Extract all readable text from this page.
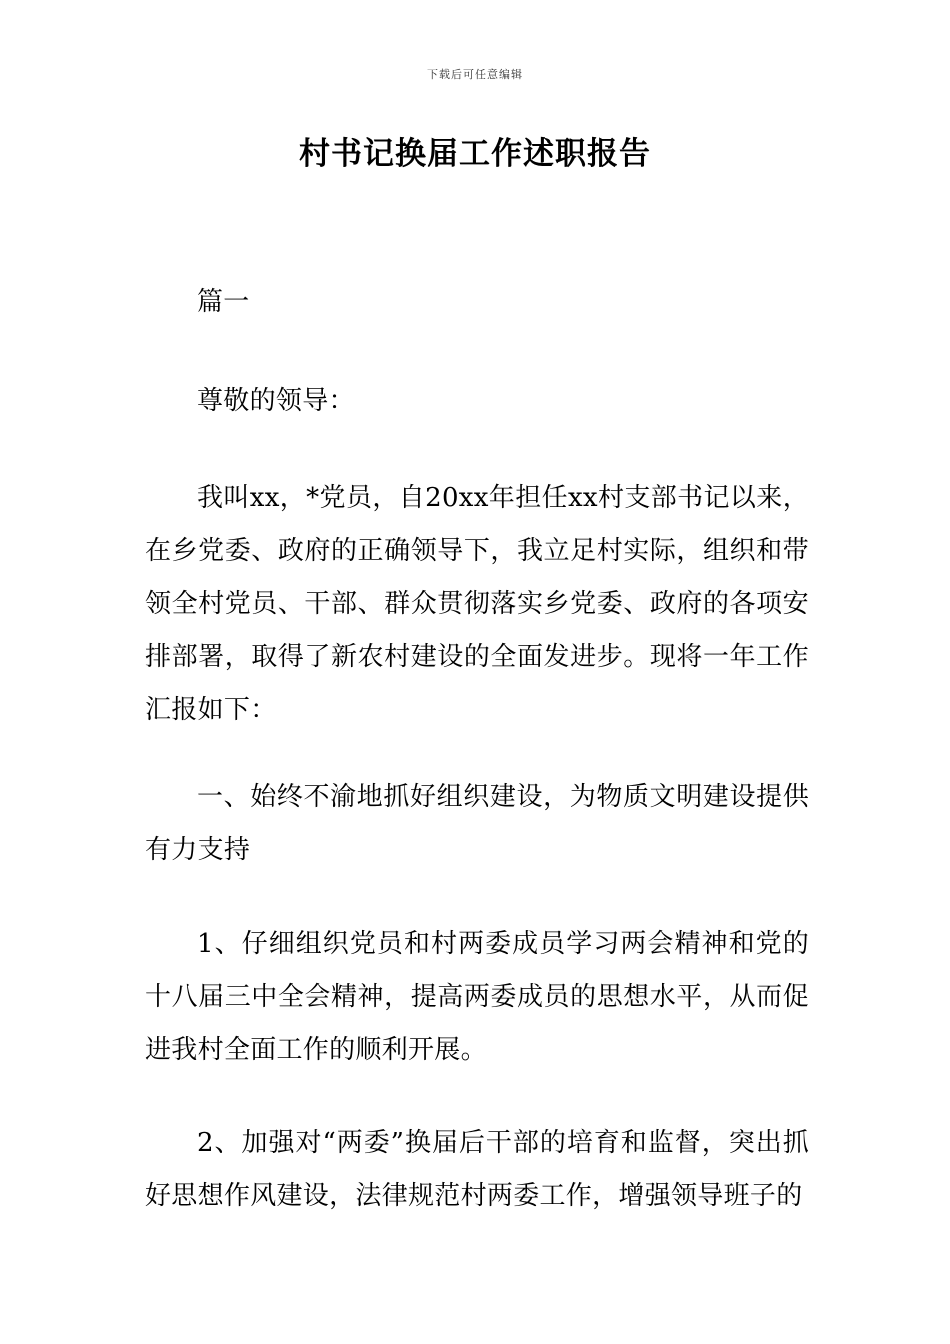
下载后可任意编辑
村书记换届工作述职报告

篇一

尊敬的领导：

我叫xx，*党员，自20xx年担任xx村支部书记以来，在乡党委、政府的正确领导下，我立足村实际，组织和带领全村党员、干部、群众贯彻落实乡党委、政府的各项安排部署，取得了新农村建设的全面发进步。现将一年工作汇报如下：

一、始终不渝地抓好组织建设，为物质文明建设提供有力支持

1、仔细组织党员和村两委成员学习两会精神和党的十八届三中全会精神，提高两委成员的思想水平，从而促进我村全面工作的顺利开展。

2、加强对“两委”换届后干部的培育和监督，突出抓好思想作风建设，法律规范村两委工作，增强领导班子的
